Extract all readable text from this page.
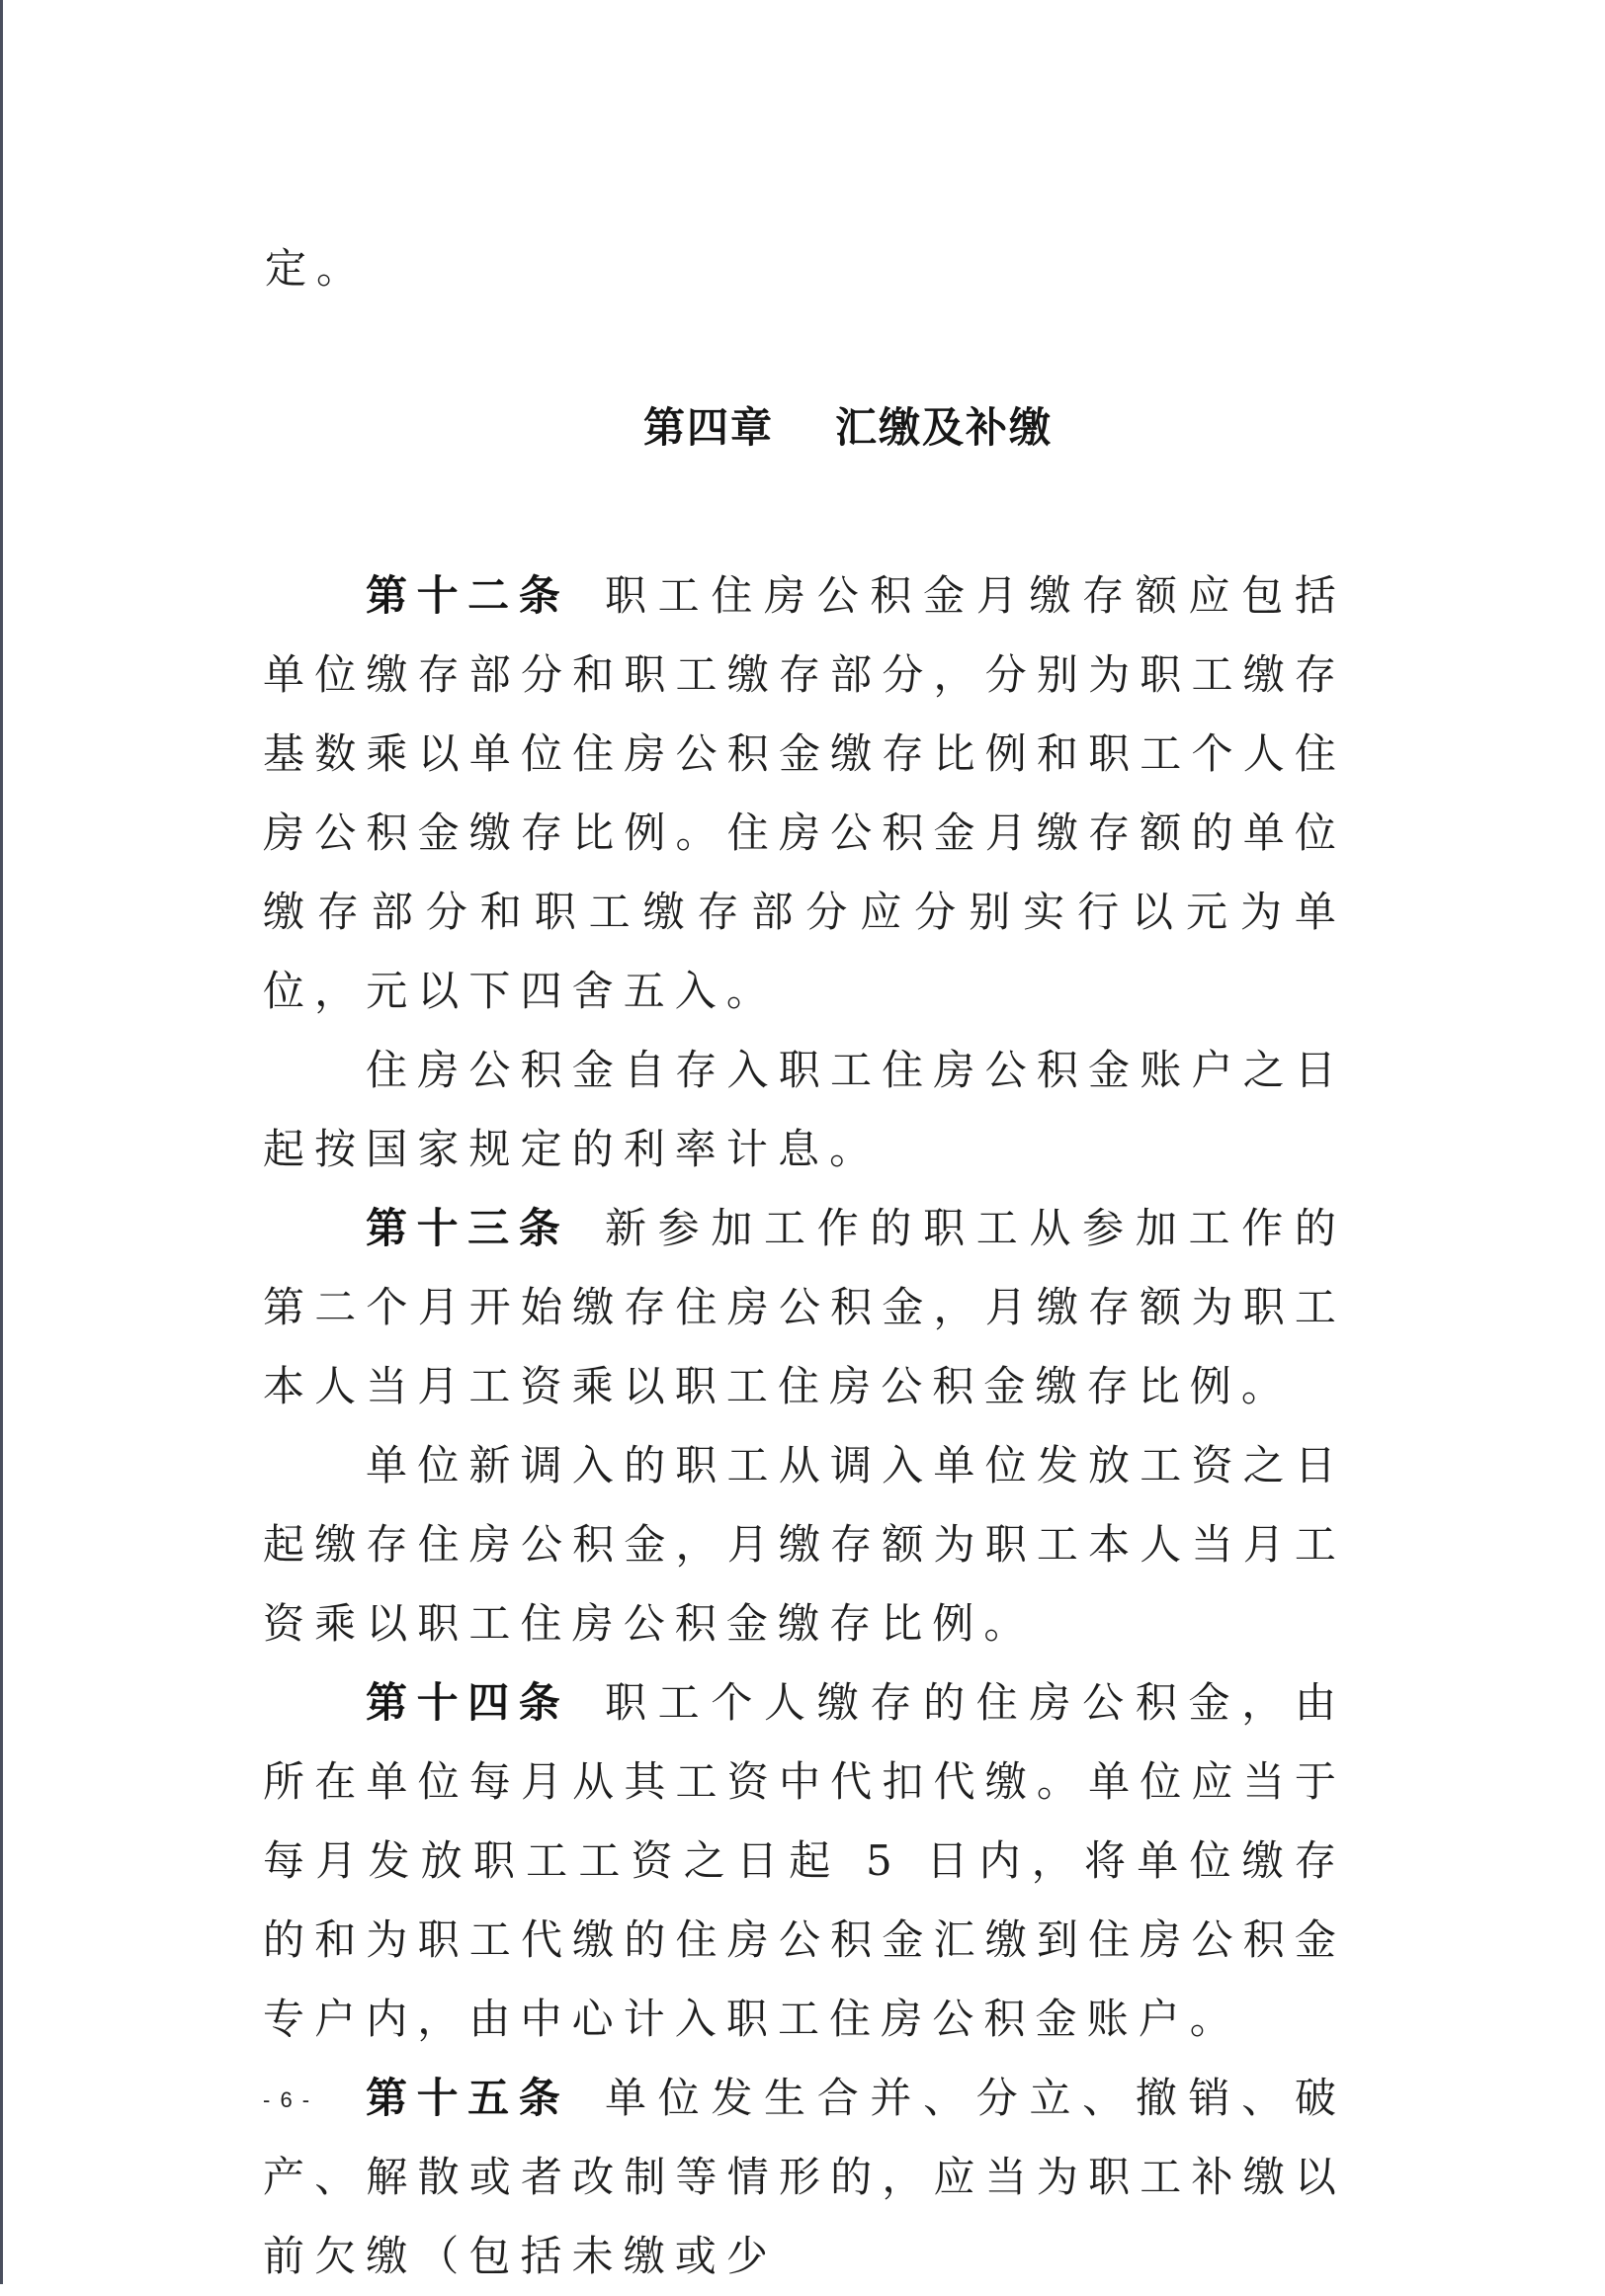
定。
第四章 汇缴及补缴

第十二条 职工住房公积金月缴存额应包括单位缴存部分和职工缴存部分，分别为职工缴存基数乘以单位住房公积金缴存比例和职工个人住房公积金缴存比例。住房公积金月缴存额的单位缴存部分和职工缴存部分应分别实行以元为单位，元以下四舍五入。

住房公积金自存入职工住房公积金账户之日起按国家规定的利率计息。

第十三条 新参加工作的职工从参加工作的第二个月开始缴存住房公积金，月缴存额为职工本人当月工资乘以职工住房公积金缴存比例。

单位新调入的职工从调入单位发放工资之日起缴存住房公积金，月缴存额为职工本人当月工资乘以职工住房公积金缴存比例。

第十四条 职工个人缴存的住房公积金，由所在单位每月从其工资中代扣代缴。单位应当于每月发放职工工资之日起 5 日内，将单位缴存的和为职工代缴的住房公积金汇缴到住房公积金专户内，由中心计入职工住房公积金账户。

第十五条 单位发生合并、分立、撤销、破产、解散或者改制等情形的，应当为职工补缴以前欠缴（包括未缴或少

- 6 -
